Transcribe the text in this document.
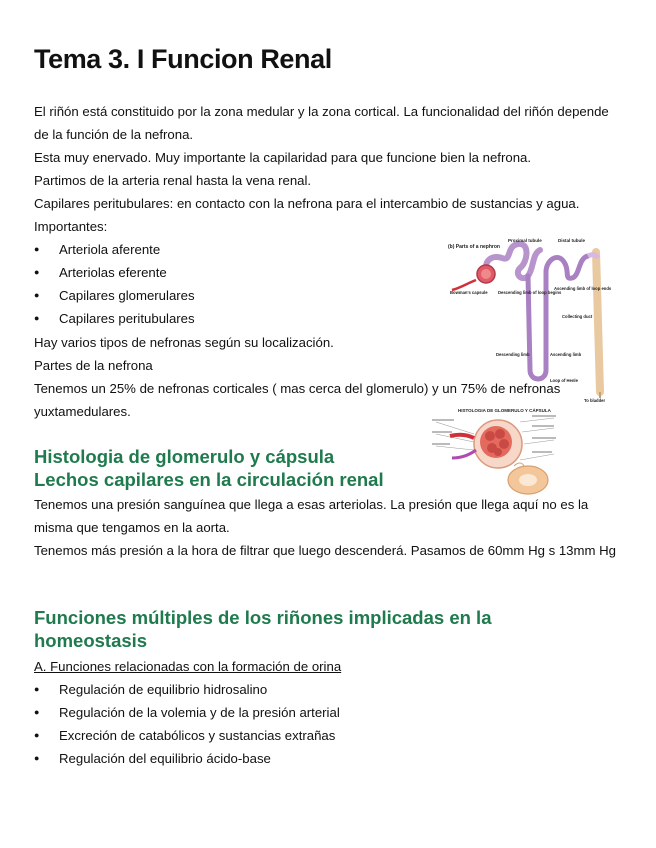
Tema 3. I Funcion Renal

El riñón está constituido por la zona medular y la zona cortical. La funcionalidad del riñón depende de la función de la nefrona.

Esta muy enervado. Muy importante la capilaridad para que funcione bien la nefrona.

Partimos de la arteria renal hasta la vena renal.

Capilares peritubulares: en contacto con la nefrona para el intercambio de sustancias y agua.

Importantes:

● Arteriola aferente
● Arteriolas eferente
● Capilares glomerulares
● Capilares peritubulares

Hay varios tipos de nefronas según su localización.

Partes de la nefrona

Tenemos un 25% de nefronas corticales ( mas cerca del glomerulo) y un 75% de nefronas yuxtamedulares.

Histologia de glomerulo y cápsula
Lechos capilares en la circulación renal

Tenemos una presión sanguínea que llega a esas arteriolas. La presión que llega aquí no es la misma que tengamos en la aorta.

Tenemos más presión a la hora de filtrar que luego descenderá. Pasamos de 60mm Hg s 13mm Hg

Funciones múltiples de los riñones implicadas en la homeostasis

A. Funciones relacionadas con la formación de orina

● Regulación de equilibrio hidrosalino
● Regulación de la volemia y de la presión arterial
● Excreción de catabólicos y sustancias extrañas
● Regulación del equilibrio ácido-base
(b) Parts of a nephron
Proximal tubule	Distal tubule
Bowman's capsule Descending limb of loop begins
Ascending limb of loop ends
Collecting duct
Descending limb	Ascending limb
Loop of Henle
To bladder
HISTOLOGIA DE GLOMERULO Y CÁPSULA
